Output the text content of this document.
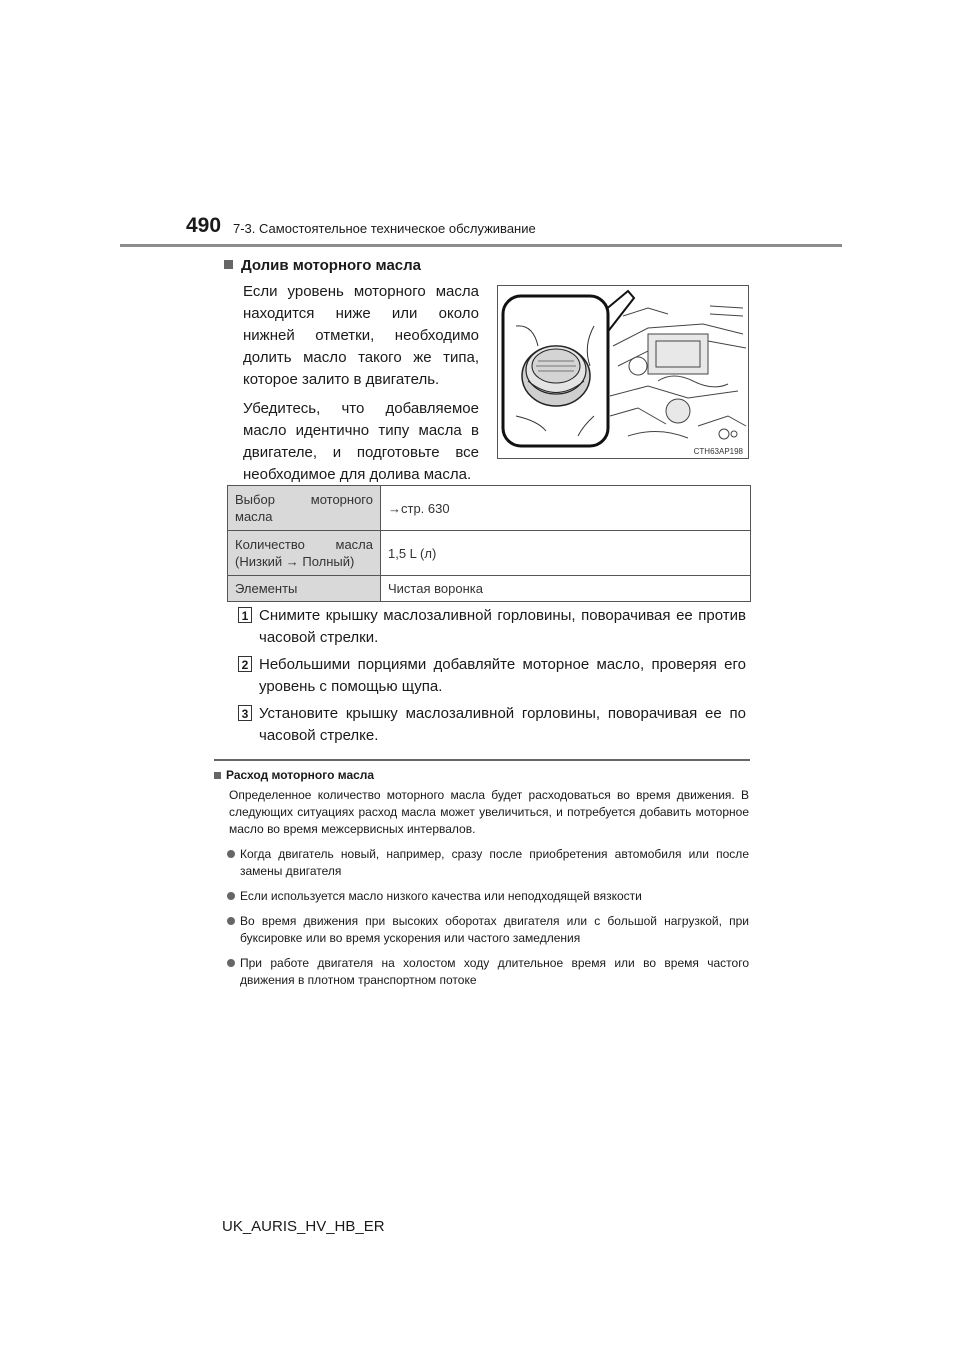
490 7-3. Самостоятельное техническое обслуживание
Долив моторного масла

Если уровень моторного масла находится ниже или около нижней отметки, необходимо долить масло такого же типа, которое залито в двигатель.

Убедитесь, что добавляемое масло идентично типу масла в двигателе, и подготовьте все необходимое для долива масла.

CTH63AP198
Выбор моторного масла	→стр. 630
Количество масла (Низкий → Полный)	1,5 L (л)
Элементы	Чистая воронка
1 Снимите крышку маслозаливной горловины, поворачивая ее против часовой стрелки.
2 Небольшими порциями добавляйте моторное масло, проверяя его уровень с помощью щупа.
3 Установите крышку маслозаливной горловины, поворачивая ее по часовой стрелке.
Расход моторного масла
Определенное количество моторного масла будет расходоваться во время движения. В следующих ситуациях расход масла может увеличиться, и потребуется добавить моторное масло во время межсервисных интервалов.
Когда двигатель новый, например, сразу после приобретения автомобиля или после замены двигателя
Если используется масло низкого качества или неподходящей вязкости
Во время движения при высоких оборотах двигателя или с большой нагрузкой, при буксировке или во время ускорения или частого замедления
При работе двигателя на холостом ходу длительное время или во время частого движения в плотном транспортном потоке
UK_AURIS_HV_HB_ER
